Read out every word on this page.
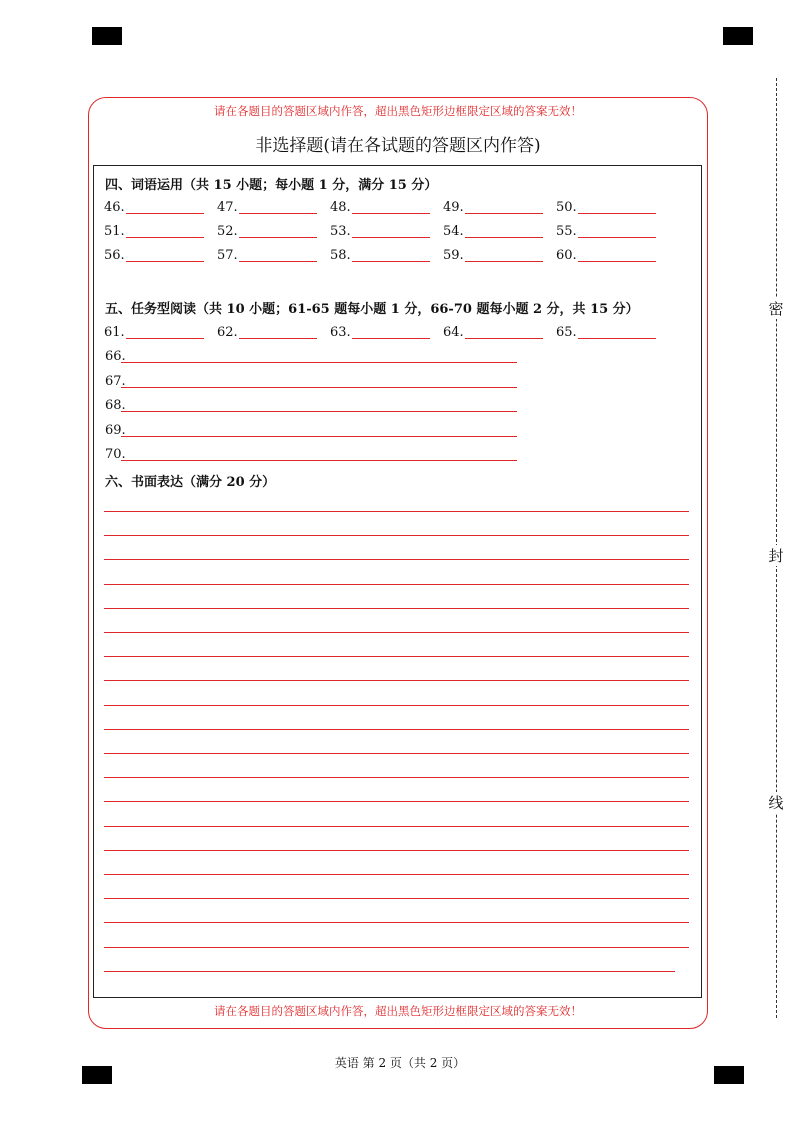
密
封
线
请在各题目的答题区域内作答，超出黑色矩形边框限定区域的答案无效！
非选择题(请在各试题的答题区内作答)
四、词语运用（共 15 小题；每小题 1 分，满分 15 分）
46.	47.	48.	49.	50.
51.	52.	53.	54.	55.
56.	57.	58.	59.	60.
五、任务型阅读（共 10 小题；61-65 题每小题 1 分，66-70 题每小题 2 分，共 15 分）
61.	62.	63.	64.	65.
66.
67.
68.
69.
70.
六、书面表达（满分 20 分）
请在各题目的答题区域内作答，超出黑色矩形边框限定区域的答案无效！
英语 第 2 页（共 2 页）
